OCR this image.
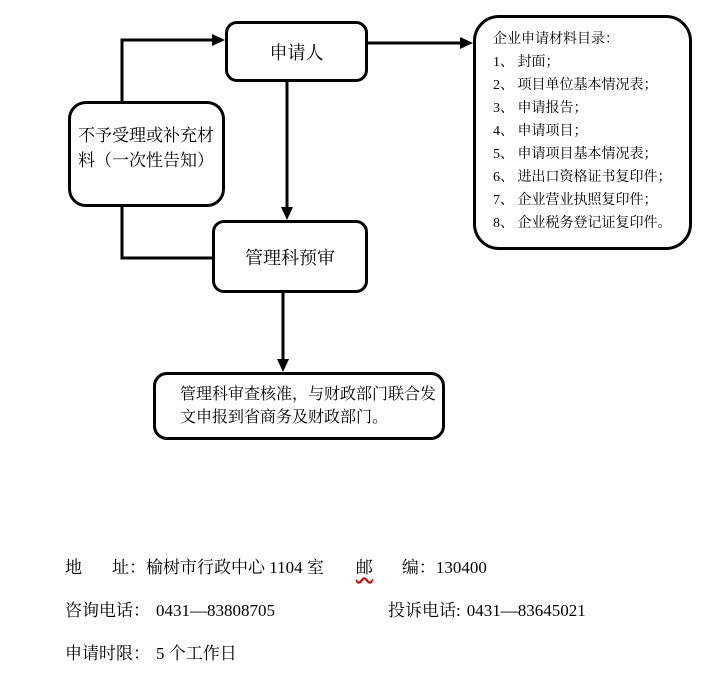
申请人
不予受理或补充材料（一次性告知）
企业申请材料目录：
1、 封面；
2、 项目单位基本情况表；
3、 申请报告；
4、 申请项目；
5、 申请项目基本情况表；
6、 进出口资格证书复印件；
7、 企业营业执照复印件；
8、 企业税务登记证复印件。
管理科预审
管理科审查核准，与财政部门联合发文申报到省商务及财政部门。
地 址：榆树市行政中心 1104 室 邮 编：130400
咨询电话： 0431—83808705	投诉电话: 0431—83645021
申请时限： 5 个工作日
